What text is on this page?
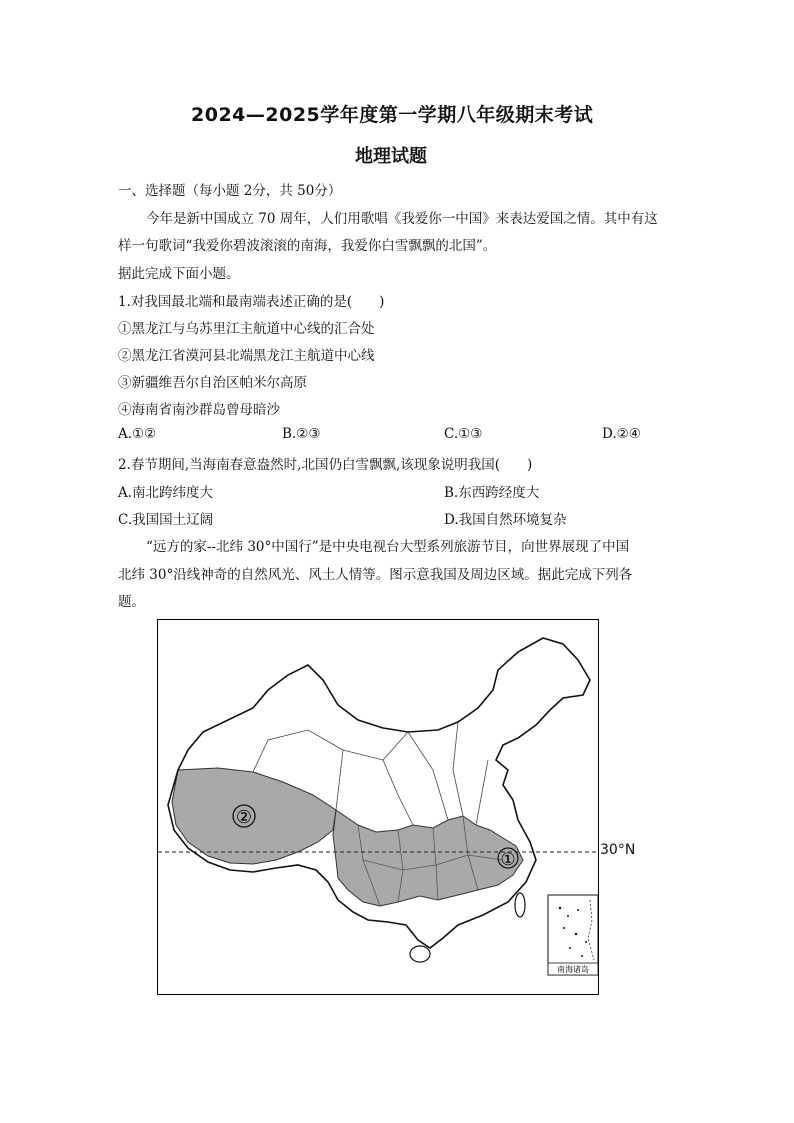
2024—2025学年度第一学期八年级期末考试
地理试题
一、选择题（每小题 2分，共 50分）
今年是新中国成立 70 周年，人们用歌唱《我爱你一中国》来表达爱国之情。其中有这
样一句歌词“我爱你碧波滚滚的南海，我爱你白雪飘飘的北国”。
据此完成下面小题。
1.对我国最北端和最南端表述正确的是(　　)
①黑龙江与乌苏里江主航道中心线的汇合处
②黑龙江省漠河县北端黑龙江主航道中心线
③新疆维吾尔自治区帕米尔高原
④海南省南沙群岛曾母暗沙
A.①②	B.②③	C.①③	D.②④
2.春节期间,当海南春意盎然时,北国仍白雪飘飘,该现象说明我国(　　)
A.南北跨纬度大	B.东西跨经度大
C.我国国土辽阔	D.我国自然环境复杂
“远方的家--北纬 30°中国行”是中央电视台大型系列旅游节目，向世界展现了中国
北纬 30°沿线神奇的自然风光、风土人情等。图示意我国及周边区域。据此完成下列各
题。
②
①
南海诸岛
30°N
